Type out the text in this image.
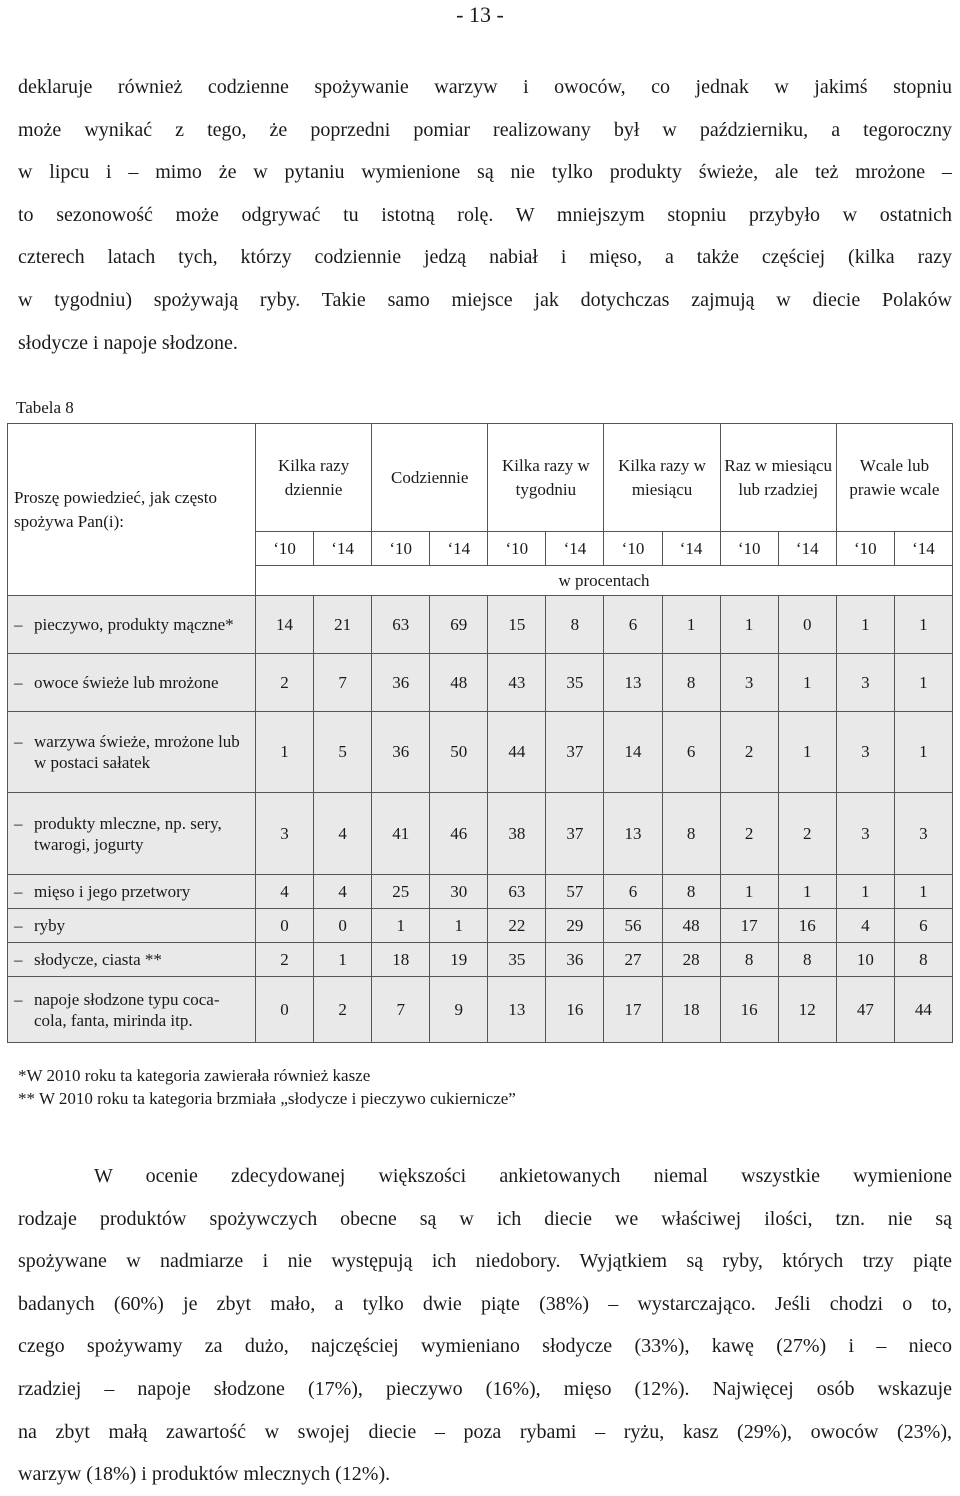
- 13 -
deklaruje również codzienne spożywanie warzyw i owoców, co jednak w jakimś stopniu
może wynikać z tego, że poprzedni pomiar realizowany był w październiku, a tegoroczny
w lipcu i – mimo że w pytaniu wymienione są nie tylko produkty świeże, ale też mrożone –
to sezonowość może odgrywać tu istotną rolę. W mniejszym stopniu przybyło w ostatnich
czterech latach tych, którzy codziennie jedzą nabiał i mięso, a także częściej (kilka razy
w tygodniu) spożywają ryby. Takie samo miejsce jak dotychczas zajmują w diecie Polaków
słodycze i napoje słodzone.
Tabela 8
Proszę powiedzieć, jak często spożywa Pan(i):	Kilka razy dziennie		Codziennie		Kilka razy w tygodniu		Kilka razy w miesiącu		Raz w miesiącu lub rzadziej		Wcale lub prawie wcale	
	‘10	‘14	‘10	‘14	‘10	‘14	‘10	‘14	‘10	‘14	‘10	‘14
	w procentach											

– pieczywo, produkty mączne*	14	21	63	69	15	8	6	1	1	0	1	1

– owoce świeże lub mrożone	2	7	36	48	43	35	13	8	3	1	3	1

– warzywa świeże, mrożone lub w postaci sałatek	1	5	36	50	44	37	14	6	2	1	3	1

– produkty mleczne, np. sery, twarogi, jogurty	3	4	41	46	38	37	13	8	2	2	3	3

– mięso i jego przetwory	4	4	25	30	63	57	6	8	1	1	1	1

– ryby	0	0	1	1	22	29	56	48	17	16	4	6

– słodycze, ciasta **	2	1	18	19	35	36	27	28	8	8	10	8

– napoje słodzone typu coca-cola, fanta, mirinda itp.	0	2	7	9	13	16	17	18	16	12	47	44
*W 2010 roku ta kategoria zawierała również kasze
** W 2010 roku ta kategoria brzmiała „słodycze i pieczywo cukiernicze”
W ocenie zdecydowanej większości ankietowanych niemal wszystkie wymienione
rodzaje produktów spożywczych obecne są w ich diecie we właściwej ilości, tzn. nie są
spożywane w nadmiarze i nie występują ich niedobory. Wyjątkiem są ryby, których trzy piąte
badanych (60%) je zbyt mało, a tylko dwie piąte (38%) – wystarczająco. Jeśli chodzi o to,
czego spożywamy za dużo, najczęściej wymieniano słodycze (33%), kawę (27%) i – nieco
rzadziej – napoje słodzone (17%), pieczywo (16%), mięso (12%). Najwięcej osób wskazuje
na zbyt małą zawartość w swojej diecie – poza rybami – ryżu, kasz (29%), owoców (23%),
warzyw (18%) i produktów mlecznych (12%).
